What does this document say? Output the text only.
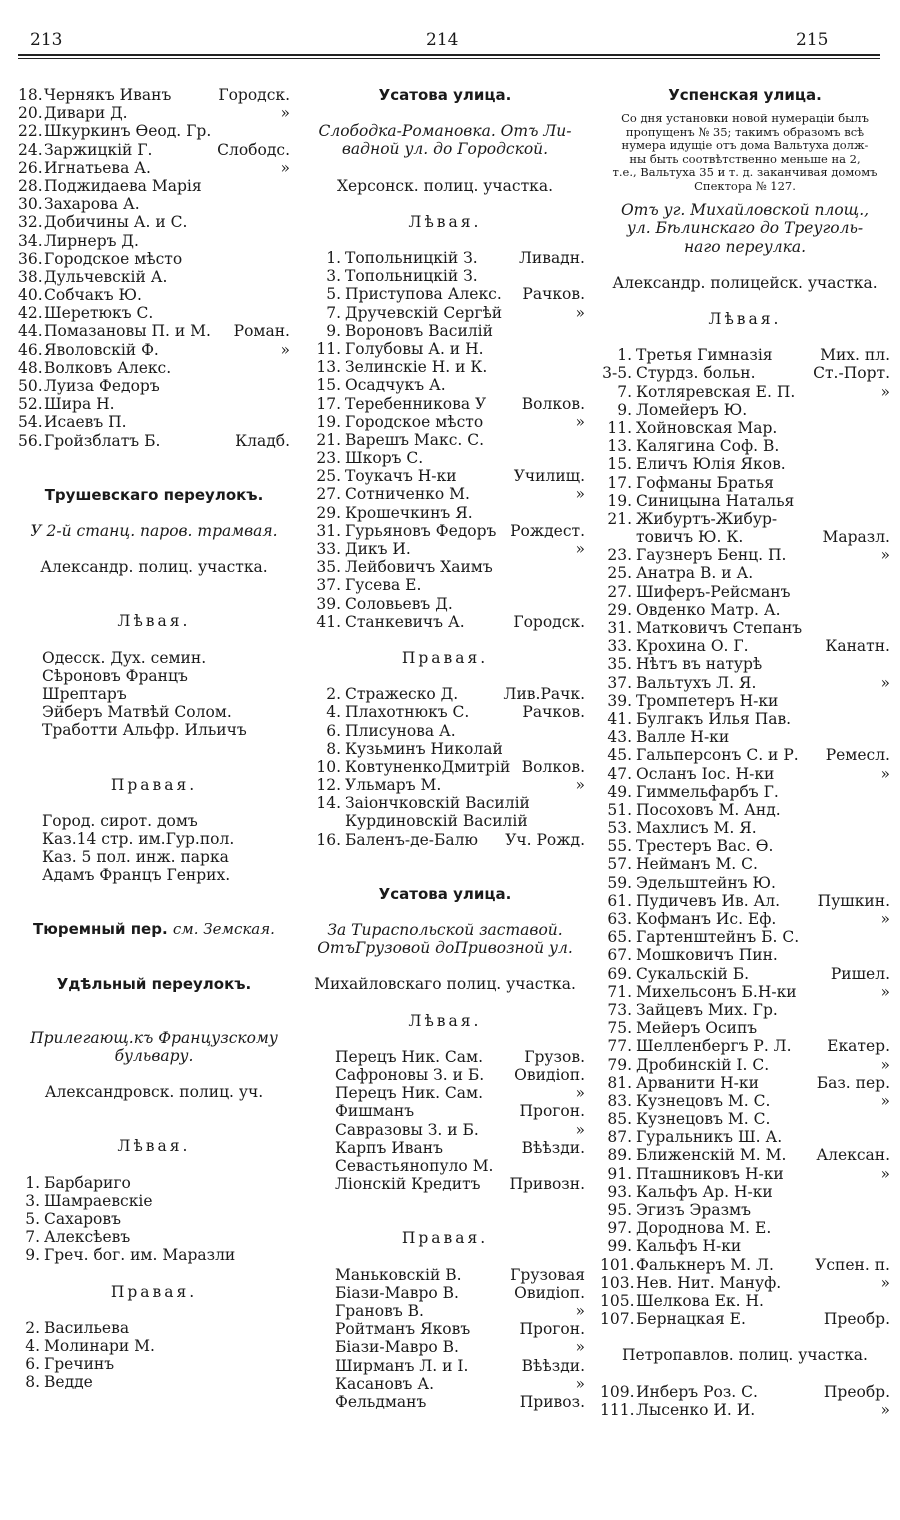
213	214	215
18. Чернякъ Иванъ	Городск.
20. Дивари Д.	»
22. Шкуркинъ Ѳеод. Гр.
24. Заржицкій Г.	Слободс.
26. Игнатьева А.	»
28. Поджидаева Марія
30. Захарова А.
32. Добичины А. и С.
34. Лирнеръ Д.
36. Городское мѣсто
38. Дульчевскій А.
40. Собчакъ Ю.
42. Шеретюкъ С.
44. Помазановы П. и М.	Роман.
46. Яволовскій Ф.	»
48. Волковъ Алекс.
50. Луиза Федоръ
52. Шира Н.
54. Исаевъ П.
56. Гройзблатъ Б.	Кладб.
Трушевскаго переулокъ.
У 2-й станц. паров. трамвая.
Александр. полиц. участка.
Лѣвая.
Одесск. Дух. семин.
Сѣроновъ Францъ
Шрептаръ
Эйберъ Матвѣй Солом.
Тработти Альфр. Ильичъ
Правая.
Город. сирот. домъ
Каз.14 стр. им.Гур.пол.
Каз. 5 пол. инж. парка
Адамъ Францъ Генрих.
Тюремный пер. см. Земская.
Удѣльный переулокъ.
Прилегающ.къ Французскому
бульвару.
Александровск. полиц. уч.
Лѣвая.
1. Барбариго
3. Шамраевскіе
5. Сахаровъ
7. Алексѣевъ
9. Греч. бог. им. Маразли
Правая.
2. Васильева
4. Молинари М.
6. Гречинъ
8. Ведде
Усатова улица.
Слободка-Романовка. Отъ Ли-
вадной ул. до Городской.
Херсонск. полиц. участка.
Лѣвая.
1. Топольницкій З.	Ливадн.
3. Топольницкій З.
5. Приступова Алекс.	Рачков.
7. Дручевскій Сергѣй	»
9. Вороновъ Василій
11. Голубовы А. и Н.
13. Зелинскіе Н. и К.
15. Осадчукъ А.
17. Теребенникова У	Волков.
19. Городское мѣсто	»
21. Варешъ Макс. С.
23. Шкоръ С.
25. Тоукачъ Н-ки	Училищ.
27. Сотниченко М.	»
29. Крошечкинъ Я.
31. Гурьяновъ Федоръ Рождест.
33. Дикъ И.	»
35. Лейбовичъ Хаимъ
37. Гусева Е.
39. Соловьевъ Д.
41. Станкевичъ А.	Городск.
Правая.
2. Стражеско Д.	Лив.Рачк.
4. Плахотнюкъ С.	Рачков.
6. Плисунова А.
8. Кузьминъ Николай
10. КовтуненкоДмитрій Волков.
12. Ульмаръ М.	»
14. Заіончковскій Василій
Курдиновскій Василій
16. Баленъ-де-Балю	Уч. Рожд.
Усатова улица.
За Тираспольской заставой.
ОтъГрузовой доПривозной ул.
Михайловскаго полиц. участка.
Лѣвая.
Перецъ Ник. Сам.	Грузов.
Сафроновы З. и Б.	Овидіоп.
Перецъ Ник. Сам.	»
Фишманъ	Прогон.
Савразовы З. и Б.	»
Карпъ Иванъ	Вѣѣзди.
Севастьянопуло М.
Ліонскій Кредитъ	Привозн.
Правая.
Маньковскій В.	Грузовая
Біази-Мавро В.	Овидіоп.
Грановъ В.	»
Ройтманъ Яковъ	Прогон.
Біази-Мавро В.	»
Ширманъ Л. и І.	Вѣѣзди.
Касановъ А.	»
Фельдманъ	Привоз.
Успенская улица.
Со дня установки новой нумераціи былъ
пропущенъ № 35; такимъ образомъ всѣ
нумера идущіе отъ дома Вальтуха долж-
ны быть соотвѣтственно меньше на 2,
т.е., Вальтуха 35 и т. д. заканчивая домомъ
Спектора № 127.
Отъ уг. Михайловской площ.,
ул. Бѣлинскаго до Треуголь-
наго переулка.
Александр. полицейск. участка.
Лѣвая.
1. Третья Гимназія	Мих. пл.
3-5. Стурдз. больн.	Ст.-Порт.
7. Котляревская Е. П.	»
9. Ломейеръ Ю.
11. Хойновская Мар.
13. Калягина Соф. В.
15. Еличъ Юлія Яков.
17. Гофманы Братья
19. Синицына Наталья
21. Жибуртъ-Жибур-
товичъ Ю. К.	Маразл.
23. Гаузнеръ Бенц. П.	»
25. Анатра В. и А.
27. Шиферъ-Рейсманъ
29. Овденко Матр. А.
31. Матковичъ Степанъ
33. Крохина О. Г.	Канатн.
35. Нѣтъ въ натурѣ
37. Вальтухъ Л. Я.	»
39. Тромпетеръ Н-ки
41. Булгакъ Илья Пав.
43. Валле Н-ки
45. Гальперсонъ С. и Р.	Ремесл.
47. Осланъ Іос. Н-ки	»
49. Гиммельфарбъ Г.
51. Посоховъ М. Анд.
53. Махлисъ М. Я.
55. Трестеръ Вас. Ѳ.
57. Нейманъ М. С.
59. Эдельштейнъ Ю.
61. Пудичевъ Ив. Ал.	Пушкин.
63. Кофманъ Ис. Еф.	»
65. Гартенштейнъ Б. С.
67. Мошковичъ Пин.
69. Сукальскій Б.	Ришел.
71. Михельсонъ Б.Н-ки	»
73. Зайцевъ Мих. Гр.
75. Мейеръ Осипъ
77. Шелленбергъ Р. Л.	Екатер.
79. Дробинскій І. С.	»
81. Арванити Н-ки	Баз. пер.
83. Кузнецовъ М. С.	»
85. Кузнецовъ М. С.
87. Гуральникъ Ш. А.
89. Ближенскій М. М.	Алексан.
91. Пташниковъ Н-ки	»
93. Кальфъ Ар. Н-ки
95. Эгизъ Эразмъ
97. Дороднова М. Е.
99. Кальфъ Н-ки
101. Фалькнеръ М. Л.	Успен. п.
103. Нев. Нит. Мануф.	»
105. Шелкова Ек. Н.
107. Бернацкая Е.	Преобр.
Петропавлов. полиц. участка.
109. Инберъ Роз. С.	Преобр.
111. Лысенко И. И.	»
